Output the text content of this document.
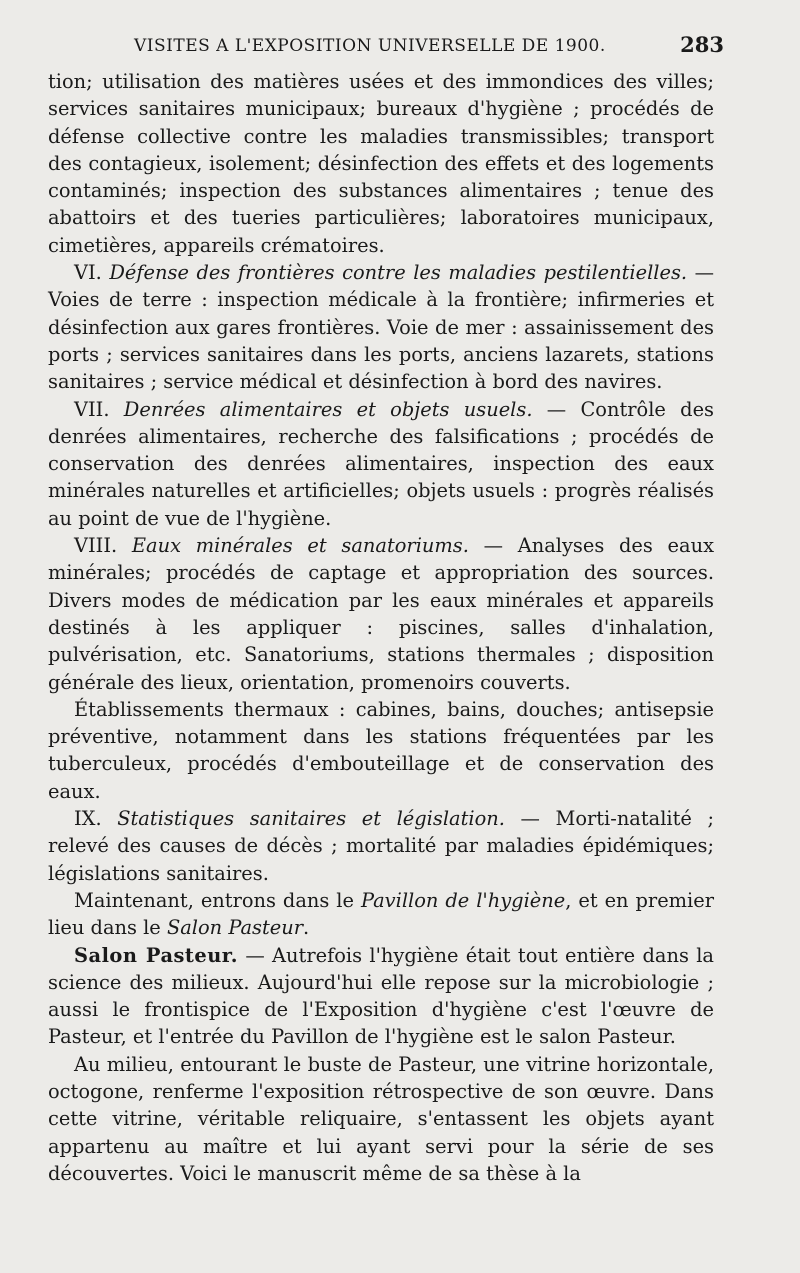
VISITES A L'EXPOSITION UNIVERSELLE DE 1900.	283

tion; utilisation des matières usées et des immondices des villes; services sanitaires municipaux; bureaux d'hygiène ; procédés de défense collective contre les maladies transmissibles; transport des contagieux, isolement; désinfection des effets et des logements contaminés; inspection des substances alimentaires ; tenue des abattoirs et des tueries particulières; laboratoires municipaux, cimetières, appareils crématoires.

VI. Défense des frontières contre les maladies pestilentielles. — Voies de terre : inspection médicale à la frontière; infirmeries et désinfection aux gares frontières. Voie de mer : assainissement des ports ; services sanitaires dans les ports, anciens lazarets, stations sanitaires ; service médical et désinfection à bord des navires.

VII. Denrées alimentaires et objets usuels. — Contrôle des denrées alimentaires, recherche des falsifications ; procédés de conservation des denrées alimentaires, inspection des eaux minérales naturelles et artificielles; objets usuels : progrès réalisés au point de vue de l'hygiène.

VIII. Eaux minérales et sanatoriums. — Analyses des eaux minérales; procédés de captage et appropriation des sources. Divers modes de médication par les eaux minérales et appareils destinés à les appliquer : piscines, salles d'inhalation, pulvérisation, etc. Sanatoriums, stations thermales ; disposition générale des lieux, orientation, promenoirs couverts.

Établissements thermaux : cabines, bains, douches; antisepsie préventive, notamment dans les stations fréquentées par les tuberculeux, procédés d'embouteillage et de conservation des eaux.

IX. Statistiques sanitaires et législation. — Morti-natalité ; relevé des causes de décès ; mortalité par maladies épidémiques; législations sanitaires.

Maintenant, entrons dans le Pavillon de l'hygiène, et en premier lieu dans le Salon Pasteur.

Salon Pasteur. — Autrefois l'hygiène était tout entière dans la science des milieux. Aujourd'hui elle repose sur la microbiologie ; aussi le frontispice de l'Exposition d'hygiène c'est l'œuvre de Pasteur, et l'entrée du Pavillon de l'hygiène est le salon Pasteur.

Au milieu, entourant le buste de Pasteur, une vitrine horizontale, octogone, renferme l'exposition rétrospective de son œuvre. Dans cette vitrine, véritable reliquaire, s'entassent les objets ayant appartenu au maître et lui ayant servi pour la série de ses découvertes. Voici le manuscrit même de sa thèse à la
